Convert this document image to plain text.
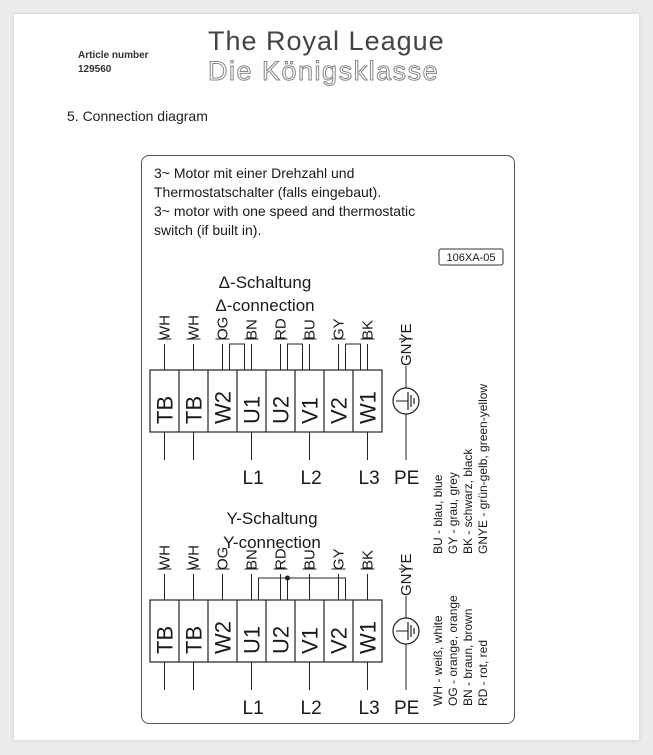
Article number
129560
The Royal League
Die Königsklasse
5. Connection diagram
3~ Motor mit einer Drehzahl und
Thermostatschalter (falls eingebaut).
3~ motor with one speed and thermostatic
switch (if built in).
106XA-05
Δ-Schaltung
Δ-connection
Y-Schaltung
Y-connection
WH WH OG BN RD BU GY BK
TB TB W2 U1 U2 V1 V2 W1
L1 L2 L3
GNYE
PE
WH WH OG BN RD BU GY BK
TB TB W2 U1 U2 V1 V2 W1
L1 L2 L3
GNYE
PE
BU - blau, blue GY - grau, grey BK - schwarz, black GNYE - grün-gelb, green-yellow
WH - weiß, white OG - orange, orange BN - braun, brown RD - rot, red
